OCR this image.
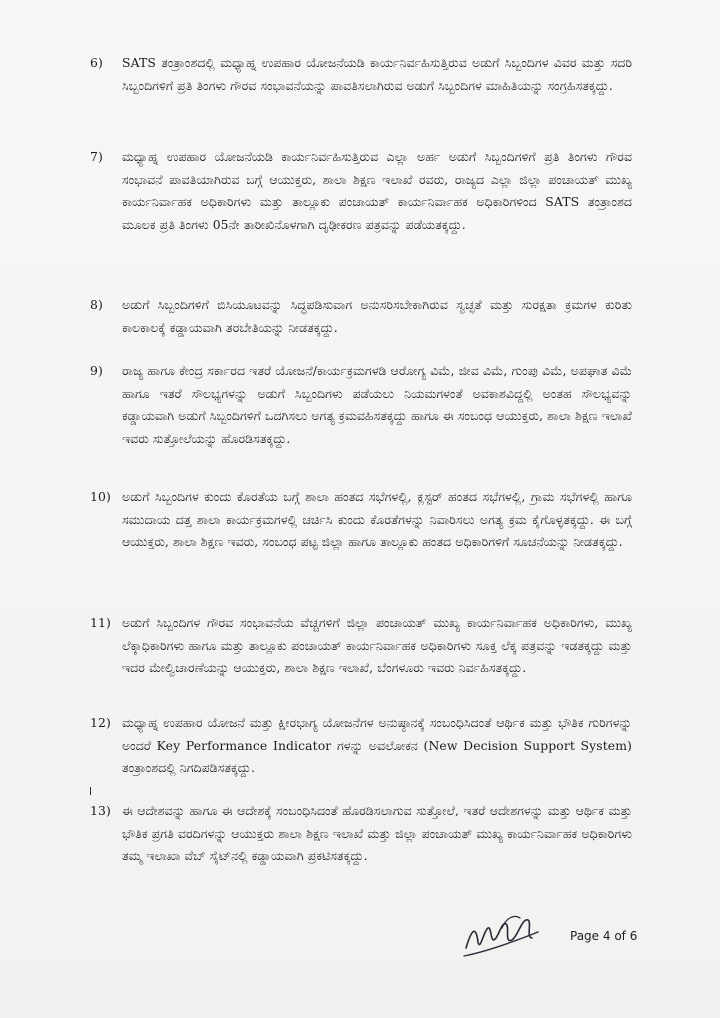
6)	SATS ತಂತ್ರಾಂಶದಲ್ಲಿ ಮಧ್ಯಾಹ್ನ ಉಪಹಾರ ಯೋಜನೆಯಡಿ ಕಾರ್ಯನಿರ್ವಹಿಸುತ್ತಿರುವ ಅಡುಗೆ ಸಿಬ್ಬಂದಿಗಳ ವಿವರ ಮತ್ತು ಸದರಿ ಸಿಬ್ಬಂದಿಗಳಿಗೆ ಪ್ರತಿ ತಿಂಗಳು ಗೌರವ ಸಂಭಾವನೆಯನ್ನು ಪಾವತಿಸಲಾಗಿರುವ ಅಡುಗೆ ಸಿಬ್ಬಂದಿಗಳ ಮಾಹಿತಿಯನ್ನು ಸಂಗ್ರಹಿಸತಕ್ಕದ್ದು.
7)	ಮಧ್ಯಾಹ್ನ ಉಪಹಾರ ಯೋಜನೆಯಡಿ ಕಾರ್ಯನಿರ್ವಹಿಸುತ್ತಿರುವ ಎಲ್ಲಾ ಅರ್ಹ ಅಡುಗೆ ಸಿಬ್ಬಂದಿಗಳಿಗೆ ಪ್ರತಿ ತಿಂಗಳು ಗೌರವ ಸಂಭಾವನೆ ಪಾವತಿಯಾಗಿರುವ ಬಗ್ಗೆ ಆಯುಕ್ತರು, ಶಾಲಾ ಶಿಕ್ಷಣ ಇಲಾಖೆ ರವರು, ರಾಜ್ಯದ ಎಲ್ಲಾ ಜಿಲ್ಲಾ ಪಂಚಾಯತ್ ಮುಖ್ಯ ಕಾರ್ಯನಿರ್ವಾಹಕ ಅಧಿಕಾರಿಗಳು ಮತ್ತು ತಾಲ್ಲೂಕು ಪಂಚಾಯತ್ ಕಾರ್ಯನಿರ್ವಾಹಕ ಅಧಿಕಾರಿಗಳಿಂದ SATS ತಂತ್ರಾಂಶದ ಮೂಲಕ ಪ್ರತಿ ತಿಂಗಳು 05ನೇ ತಾರೀಖಿನೊಳಗಾಗಿ ದೃಢೀಕರಣ ಪತ್ರವನ್ನು ಪಡೆಯತಕ್ಕದ್ದು.
8)	ಅಡುಗೆ ಸಿಬ್ಬಂದಿಗಳಿಗೆ ಬಿಸಿಯೂಟವನ್ನು ಸಿದ್ಧಪಡಿಸುವಾಗ ಅನುಸರಿಸಬೇಕಾಗಿರುವ ಸ್ವಚ್ಛತೆ ಮತ್ತು ಸುರಕ್ಷತಾ ಕ್ರಮಗಳ ಕುರಿತು ಕಾಲಕಾಲಕ್ಕೆ ಕಡ್ಡಾಯವಾಗಿ ತರಬೇತಿಯನ್ನು ನೀಡತಕ್ಕದ್ದು.
9)	ರಾಜ್ಯ ಹಾಗೂ ಕೇಂದ್ರ ಸರ್ಕಾರದ ಇತರೆ ಯೋಜನೆ/ಕಾರ್ಯಕ್ರಮಗಳಡಿ ಆರೋಗ್ಯ ವಿಮೆ, ಜೀವ ವಿಮೆ, ಗುಂಪು ವಿಮೆ, ಅಪಘಾತ ವಿಮೆ ಹಾಗೂ ಇತರೆ ಸೌಲಭ್ಯಗಳನ್ನು ಅಡುಗೆ ಸಿಬ್ಬಂದಿಗಳು ಪಡೆಯಲು ನಿಯಮಗಳಂತೆ ಅವಕಾಶವಿದ್ದಲ್ಲಿ ಅಂತಹ ಸೌಲಭ್ಯವನ್ನು ಕಡ್ಡಾಯವಾಗಿ ಅಡುಗೆ ಸಿಬ್ಬಂದಿಗಳಿಗೆ ಒದಗಿಸಲು ಅಗತ್ಯ ಕ್ರಮವಹಿಸತಕ್ಕದ್ದು ಹಾಗೂ ಈ ಸಂಬಂಧ ಆಯುಕ್ತರು, ಶಾಲಾ ಶಿಕ್ಷಣ ಇಲಾಖೆ ಇವರು ಸುತ್ತೋಲೆಯನ್ನು ಹೊರಡಿಸತಕ್ಕದ್ದು.
10) ಅಡುಗೆ ಸಿಬ್ಬಂದಿಗಳ ಕುಂದು ಕೊರತೆಯ ಬಗ್ಗೆ ಶಾಲಾ ಹಂತದ ಸಭೆಗಳಲ್ಲಿ, ಕ್ಲಸ್ಟರ್ ಹಂತದ ಸಭೆಗಳಲ್ಲಿ, ಗ್ರಾಮ ಸಭೆಗಳಲ್ಲಿ ಹಾಗೂ ಸಮುದಾಯ ದತ್ತ ಶಾಲಾ ಕಾರ್ಯಕ್ರಮಗಳಲ್ಲಿ ಚರ್ಚಿಸಿ ಕುಂದು ಕೊರತೆಗಳನ್ನು ನಿವಾರಿಸಲು ಅಗತ್ಯ ಕ್ರಮ ಕೈಗೊಳ್ಳತಕ್ಕದ್ದು. ಈ ಬಗ್ಗೆ ಆಯುಕ್ತರು, ಶಾಲಾ ಶಿಕ್ಷಣ ಇವರು, ಸಂಬಂಧ ಪಟ್ಟ ಜಿಲ್ಲಾ ಹಾಗೂ ತಾಲ್ಲೂಕು ಹಂತದ ಅಧಿಕಾರಿಗಳಿಗೆ ಸೂಚನೆಯನ್ನು ನೀಡತಕ್ಕದ್ದು.
11) ಅಡುಗೆ ಸಿಬ್ಬಂದಿಗಳ ಗೌರವ ಸಂಭಾವನೆಯ ವೆಚ್ಚಗಳಿಗೆ ಜಿಲ್ಲಾ ಪಂಚಾಯತ್ ಮುಖ್ಯ ಕಾರ್ಯನಿರ್ವಾಹಕ ಅಧಿಕಾರಿಗಳು, ಮುಖ್ಯ ಲೆಕ್ಕಾಧಿಕಾರಿಗಳು ಹಾಗೂ ಮತ್ತು ತಾಲ್ಲೂಕು ಪಂಚಾಯತ್ ಕಾರ್ಯನಿರ್ವಾಹಕ ಅಧಿಕಾರಿಗಳು ಸೂಕ್ತ ಲೆಕ್ಕ ಪತ್ರವನ್ನು ಇಡತಕ್ಕದ್ದು ಮತ್ತು ಇದರ ಮೇಲ್ವಿಚಾರಣೆಯನ್ನು ಆಯುಕ್ತರು, ಶಾಲಾ ಶಿಕ್ಷಣ ಇಲಾಖೆ, ಬೆಂಗಳೂರು ಇವರು ನಿರ್ವಹಿಸತಕ್ಕದ್ದು.
12) ಮಧ್ಯಾಹ್ನ ಉಪಹಾರ ಯೋಜನೆ ಮತ್ತು ಕ್ಷೀರಭಾಗ್ಯ ಯೋಜನೆಗಳ ಅನುಷ್ಠಾನಕ್ಕೆ ಸಂಬಂಧಿಸಿದಂತೆ ಆರ್ಥಿಕ ಮತ್ತು ಭೌತಿಕ ಗುರಿಗಳನ್ನು ಅಂದರೆ Key Performance Indicator ಗಳನ್ನು ಅವಲೋಕನ (New Decision Support System) ತಂತ್ರಾಂಶದಲ್ಲಿ ನಿಗದಿಪಡಿಸತಕ್ಕದ್ದು.
13) ಈ ಆದೇಶವನ್ನು ಹಾಗೂ ಈ ಆದೇಶಕ್ಕೆ ಸಂಬಂಧಿಸಿದಂತೆ ಹೊರಡಿಸಲಾಗುವ ಸುತ್ತೋಲೆ, ಇತರೆ ಆದೇಶಗಳನ್ನು ಮತ್ತು ಆರ್ಥಿಕ ಮತ್ತು ಭೌತಿಕ ಪ್ರಗತಿ ವರದಿಗಳನ್ನು ಆಯುಕ್ತರು ಶಾಲಾ ಶಿಕ್ಷಣ ಇಲಾಖೆ ಮತ್ತು ಜಿಲ್ಲಾ ಪಂಚಾಯತ್ ಮುಖ್ಯ ಕಾರ್ಯನಿರ್ವಾಹಕ ಅಧಿಕಾರಿಗಳು ತಮ್ಮ ಇಲಾಖಾ ವೆಬ್ ಸೈಟ್‌ನಲ್ಲಿ ಕಡ್ಡಾಯವಾಗಿ ಪ್ರಕಟಿಸತಕ್ಕದ್ದು.
Page 4 of 6
